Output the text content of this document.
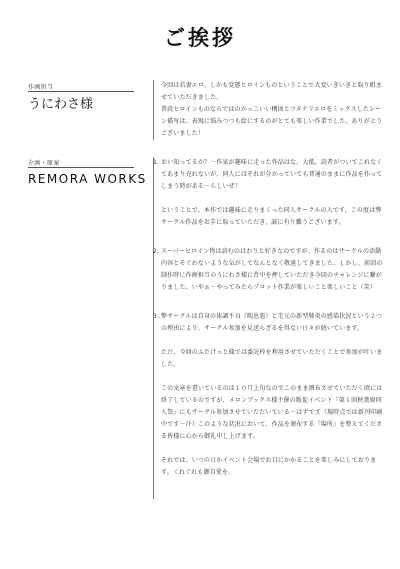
ご挨拶
作画担当
うにわさ様

今回は若妻エロ、しかも変態ヒロインものということで大変いきいきと取り組ませていただきました。

普段ヒロインものならではのかっこいい構図とフタナリエロをミックスしたシーン描写は、表現に悩みつつも絵にするのがとても楽しい作業でした。ありがとうございました！

企画・原案
REMORA WORKS
1. おい知ってるか？－作家が趣味に走った作品はな、大抵、読者がついてこれなくてあまり売れないが、同人にはそれが分かっていても普通のままに作品を作ってしまう時がある－らしいぜ！

ということで、本作では趣味に走りまくった同人サークルの人です。この度は弊サークル作品をお手に取っていただき、誠に有り難うございます。

2. スーパーヒロイン物は読むのはわりと好きなのですが、作るのはサークルの活動内容とそぐわないような気がしてなんとなく敬遠してきました。しかし、前回の制作時に作画担当のうにわさ様に背中を押していただき今回のチャレンジに繋がりました。いやぁ－やってみたらプロット作業が楽しいこと楽しいこと（笑）

3. 弊サークルは自身の体調不良（喘息悪）と宅元の新型肺炎の感染状況という２つの理由により、サークル参加を見送らざるを得ない日々が続いています。

ただ、今回のふたけっと様では委託枠を利用させていただくことで参加が叶いました。

この文章を書いているのは１０月上旬なのでこのまま頒布させていただく頃には終了しているのですが、メロンブックス様主催の販促イベント『第１回秋葉原同人祭』にもサークル参加させていただいている－はずです（現時点では新刊印刷中です－汗）このような状況において、作品を頒布する『場所』を整えてくださる皆様に心から御礼申し上げます。

それでは、いつの日かイベント会場でお目にかかることを楽しみにしております。くれぐれも御自愛を。
